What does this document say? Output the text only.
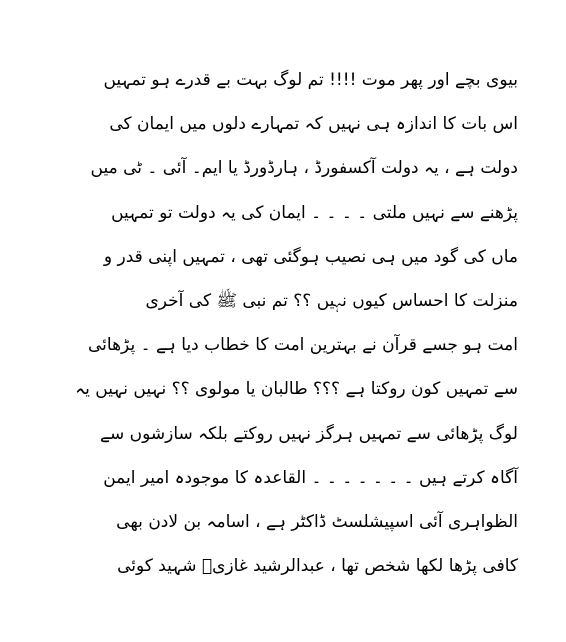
بیوی بچے اور پھر موت !!!! تم لوگ بہت بے قدرے ہو تمہیں
اس بات کا اندازہ ہی نہیں کہ تمہارے دلوں میں ایمان کی
دولت ہے ، یہ دولت آکسفورڈ ، ہارڈورڈ یا ایم۔ آئی ۔ ٹی میں
پڑھنے سے نہیں ملتی ۔ ۔ ۔ ۔ ایمان کی یہ دولت تو تمہیں
ماں کی گود میں ہی نصیب ہوگئی تھی ، تمہیں اپنی قدر و
منزلت کا احساس کیوں نہیں ؟؟ تم نبی ﷺ کی آخری
امت ہو جسے قرآن نے بہترین امت کا خطاب دیا ہے ۔ پڑھائی
سے تمہیں کون روکتا ہے ؟؟؟ طالبان یا مولوی ؟؟ نہیں نہیں یہ
لوگ پڑھائی سے تمہیں ہرگز نہیں روکتے بلکہ سازشوں سے
آگاہ کرتے ہیں ۔ ۔ ۔ ۔ ۔ ۔ ۔ القاعدہ کا موجودہ امیر ایمن
الظواہری آئی اسپیشلسٹ ڈاکٹر ہے ، اسامہ بن لادن بھی
کافی پڑھا لکھا شخص تھا ، عبدالرشید غازیؒ شہید کوئی
